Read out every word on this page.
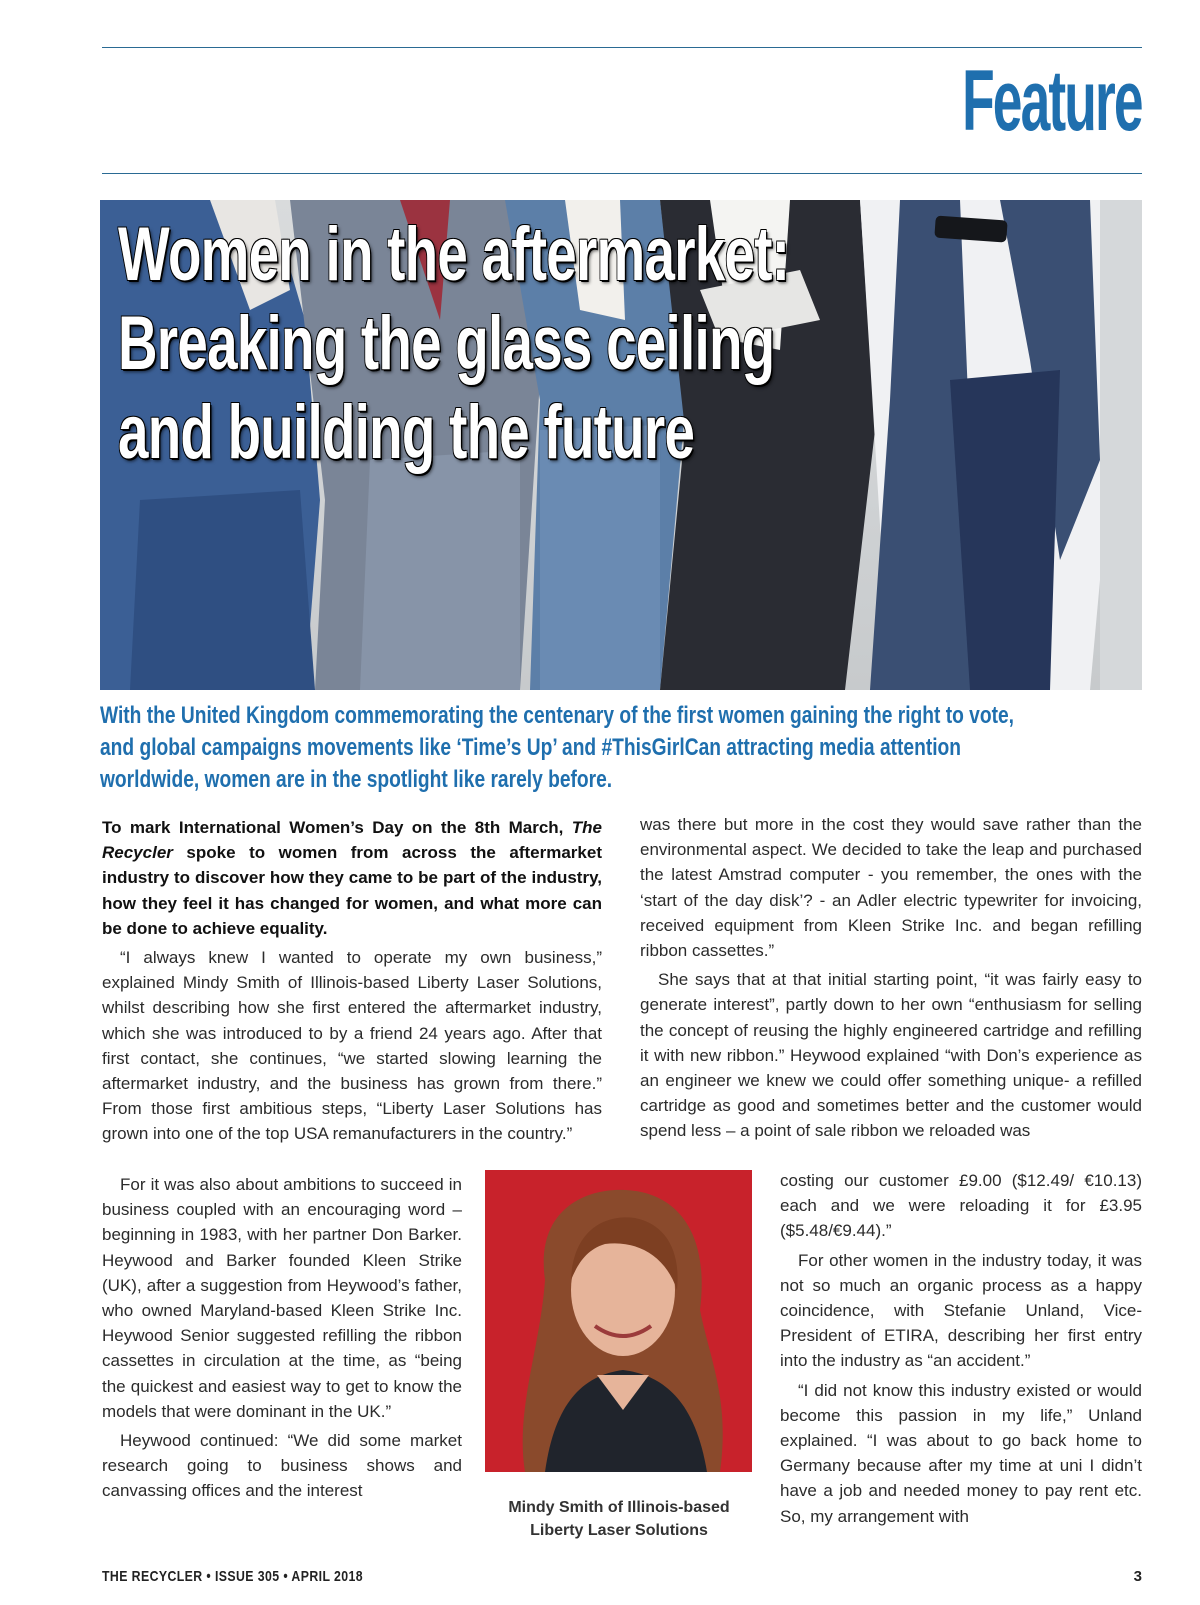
Feature
Women in the aftermarket:
Breaking the glass ceiling
and building the future

With the United Kingdom commemorating the centenary of the first women gaining the right to vote, and global campaigns movements like ‘Time’s Up’ and #ThisGirlCan attracting media attention worldwide, women are in the spotlight like rarely before.

To mark International Women’s Day on the 8th March, The Recycler spoke to women from across the aftermarket industry to discover how they came to be part of the industry, how they feel it has changed for women, and what more can be done to achieve equality.

“I always knew I wanted to operate my own business,” explained Mindy Smith of Illinois-based Liberty Laser Solutions, whilst describing how she first entered the aftermarket industry, which she was introduced to by a friend 24 years ago. After that first contact, she continues, “we started slowing learning the aftermarket industry, and the business has grown from there.” From those first ambitious steps, “Liberty Laser Solutions has grown into one of the top USA remanufacturers in the country.”

For it was also about ambitions to succeed in business coupled with an encouraging word – beginning in 1983, with her partner Don Barker. Heywood and Barker founded Kleen Strike (UK), after a suggestion from Heywood’s father, who owned Maryland-based Kleen Strike Inc. Heywood Senior suggested refilling the ribbon cassettes in circulation at the time, as “being the quickest and easiest way to get to know the models that were dominant in the UK.”

Heywood continued: “We did some market research going to business shows and canvassing offices and the interest

was there but more in the cost they would save rather than the environmental aspect. We decided to take the leap and purchased the latest Amstrad computer - you remember, the ones with the ‘start of the day disk’? - an Adler electric typewriter for invoicing, received equipment from Kleen Strike Inc. and began refilling ribbon cassettes.”

She says that at that initial starting point, “it was fairly easy to generate interest”, partly down to her own “enthusiasm for selling the concept of reusing the highly engineered cartridge and refilling it with new ribbon.” Heywood explained “with Don’s experience as an engineer we knew we could offer something unique- a refilled cartridge as good and sometimes better and the customer would spend less – a point of sale ribbon we reloaded was

costing our customer £9.00 ($12.49/ €10.13) each and we were reloading it for £3.95 ($5.48/€9.44).”

For other women in the industry today, it was not so much an organic process as a happy coincidence, with Stefanie Unland, Vice-President of ETIRA, describing her first entry into the industry as “an accident.”

“I did not know this industry existed or would become this passion in my life,” Unland explained. “I was about to go back home to Germany because after my time at uni I didn’t have a job and needed money to pay rent etc. So, my arrangement with

Mindy Smith of Illinois-based Liberty Laser Solutions

THE RECYCLER • ISSUE 305 • APRIL 2018	3
